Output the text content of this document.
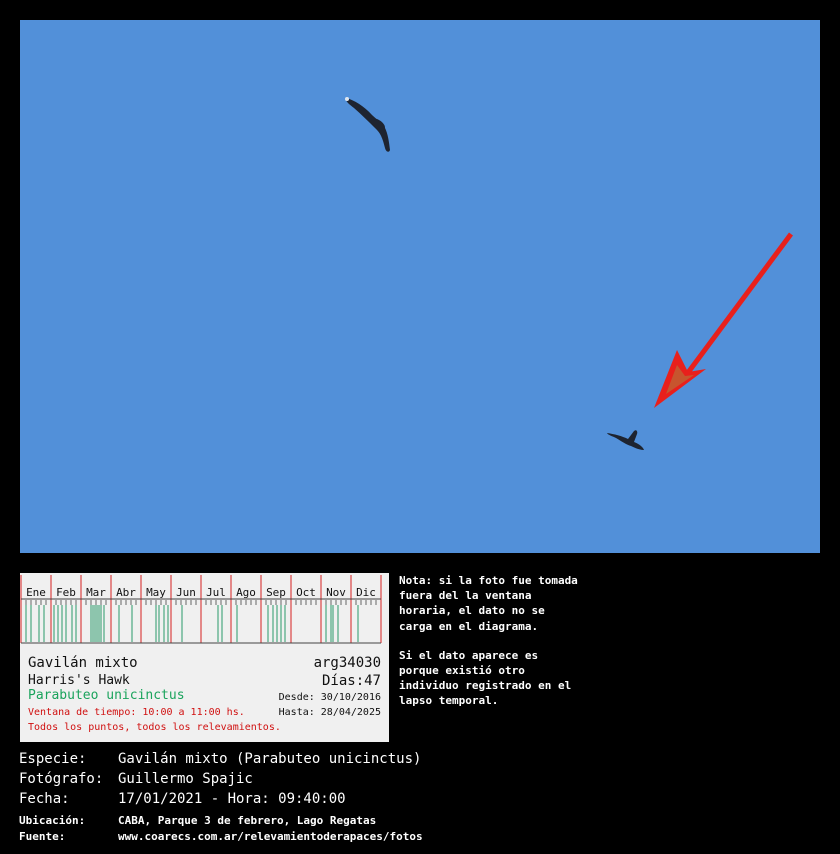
Ene Feb Mar Abr May Jun Jul Ago Sep Oct Nov Dic
Gavilán mixto	arg34030
Harris's Hawk	Días:47
Parabuteo unicinctus	Desde: 30/10/2016
Ventana de tiempo: 10:00 a 11:00 hs.	Hasta: 28/04/2025
Todos los puntos, todos los relevamientos.

Nota: si la foto fue tomada fuera del la ventana horaria, el dato no se carga en el diagrama.

Si el dato aparece es porque existió otro individuo registrado en el lapso temporal.

Especie: Gavilán mixto (Parabuteo unicinctus)
Fotógrafo: Guillermo Spajic
Fecha:	17/01/2021 - Hora: 09:40:00
Ubicación:	CABA, Parque 3 de febrero, Lago Regatas
Fuente:	www.coarecs.com.ar/relevamientoderapaces/fotos
